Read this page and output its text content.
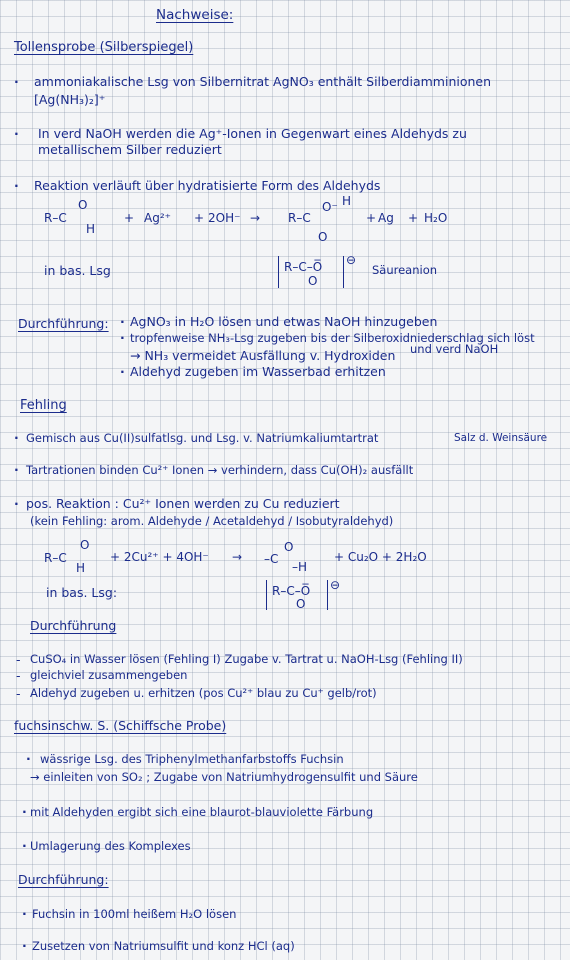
Nachweise:
Tollensprobe (Silberspiegel)
· ammoniakalische Lsg von Silbernitrat AgNO₃ enthält Silberdiamminionen
[Ag(NH₃)₂]⁺
· In verd NaOH werden die Ag⁺-Ionen in Gegenwart eines Aldehyds zu
metallischem Silber reduziert
· Reaktion verläuft über hydratisierte Form des Aldehyds
R–C
O
H
+ Ag²⁺ + 2OH⁻ → R–C
O⁻ H
O
+ Ag + H₂O
in bas. Lsg	R–C–O̅
O
⊖
Säureanion
Durchführung: · AgNO₃ in H₂O lösen und etwas NaOH hinzugeben
· tropfenweise NH₃-Lsg zugeben bis der Silberoxidniederschlag sich löst
und verd NaOH
→ NH₃ vermeidet Ausfällung v. Hydroxiden
· Aldehyd zugeben im Wasserbad erhitzen
Fehling
· Gemisch aus Cu(II)sulfatlsg. und Lsg. v. Natriumkaliumtartrat	Salz d. Weinsäure
· Tartrationen binden Cu²⁺ Ionen → verhindern, dass Cu(OH)₂ ausfällt
· pos. Reaktion : Cu²⁺ Ionen werden zu Cu reduziert
(kein Fehling: arom. Aldehyde / Acetaldehyd / Isobutyraldehyd)
R–C
O
H
+ 2Cu²⁺ + 4OH⁻ → –C
O
–H
+ Cu₂O + 2H₂O
in bas. Lsg:	R–C–O̅
O
⊖
Durchführung
- CuSO₄ in Wasser lösen (Fehling I) Zugabe v. Tartrat u. NaOH-Lsg (Fehling II)
- gleichviel zusammengeben
- Aldehyd zugeben u. erhitzen (pos Cu²⁺ blau zu Cu⁺ gelb/rot)
fuchsinschw. S. (Schiffsche Probe)
· wässrige Lsg. des Triphenylmethanfarbstoffs Fuchsin
→ einleiten von SO₂ ; Zugabe von Natriumhydrogensulfit und Säure
· mit Aldehyden ergibt sich eine blaurot-blauviolette Färbung
· Umlagerung des Komplexes
Durchführung:
· Fuchsin in 100ml heißem H₂O lösen
· Zusetzen von Natriumsulfit und konz HCl (aq)
